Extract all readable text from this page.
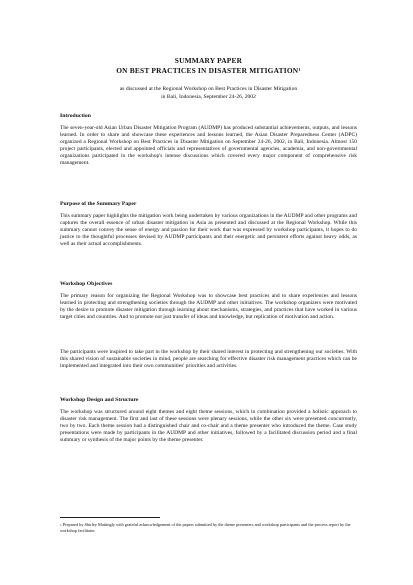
SUMMARY PAPER
ON BEST PRACTICES IN DISASTER MITIGATION$^1$
as discussed at the Regional Workshop on Best Practices in Disaster Mitigation
in Bali, Indonesia, September 24-26, 2002
Introduction
The seven-year-old Asian Urban Disaster Mitigation Program (AUDMP) has produced substantial achievements, outputs, and lessons learned. In order to share and showcase these experiences and lessons learned, the Asian Disaster Preparedness Center (ADPC) organized a Regional Workshop on Best Practices in Disaster Mitigation on September 24-26, 2002, in Bali, Indonesia. Almost 150 project participants, elected and appointed officials and representatives of governmental agencies, academia, and non-governmental organizations participated in the workshop's intense discussions which covered every major component of comprehensive risk management.
Purpose of the Summary Paper
This summary paper highlights the mitigation work being undertaken by various organizations in the AUDMP and other programs and captures the overall essence of urban disaster mitigation in Asia as presented and discussed at the Regional Workshop. While this summary cannot convey the sense of energy and passion for their work that was expressed by workshop participants, it hopes to do justice to the thoughtful processes devised by AUDMP participants and their energetic and persistent efforts against heavy odds, as well as their actual accomplishments.
Workshop Objectives
The primary reason for organizing the Regional Workshop was to showcase best practices and to share experiences and lessons learned in protecting and strengthening societies through the AUDMP and other initiatives. The workshop organizers were motivated by the desire to promote disaster mitigation through learning about mechanisms, strategies, and practices that have worked in various target cities and countries. And to promote not just transfer of ideas and knowledge, but replication of motivation and action.
The participants were inspired to take part in the workshop by their shared interest in protecting and strengthening our societies. With this shared vision of sustainable societies in mind, people are searching for effective disaster risk management practices which can be implemented and integrated into their own communities' priorities and activities.
Workshop Design and Structure
The workshop was structured around eight themes and eight theme sessions, which in combination provided a holistic approach to disaster risk management. The first and last of these sessions were plenary sessions, while the other six were presented concurrently, two by two. Each theme session had a distinguished chair and co-chair and a theme presenter who introduced the theme. Case study presentations were made by participants in the AUDMP and other initiatives, followed by a facilitated discussion period and a final summary or synthesis of the major points by the theme presenter.
$^1$ Prepared by Shirley Mattingly with grateful acknowledgement of the papers submitted by the theme presenters and workshop participants and the process report by the workshop facilitator.
